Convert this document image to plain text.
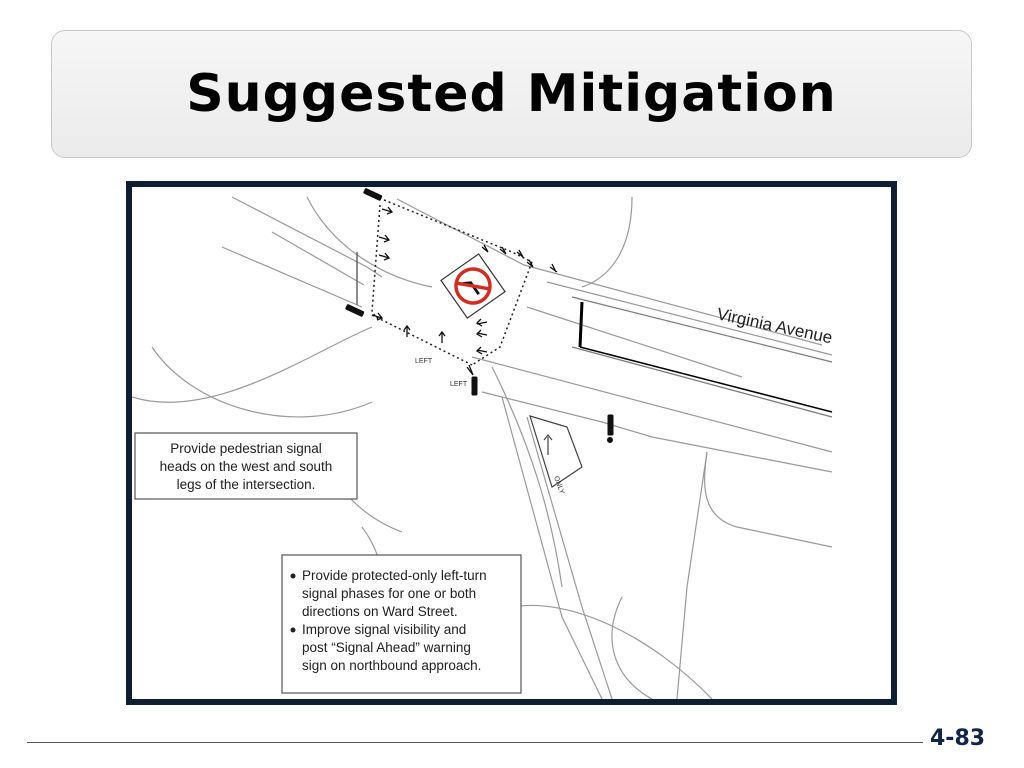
Suggested Mitigation
Virginia Avenue
LEFT
LEFT
ONLY
Provide pedestrian signal
heads on the west and south
legs of the intersection.
Provide protected-only left-turn
signal phases for one or both
directions on Ward Street.
Improve signal visibility and
post “Signal Ahead” warning
sign on northbound approach.
4-83
